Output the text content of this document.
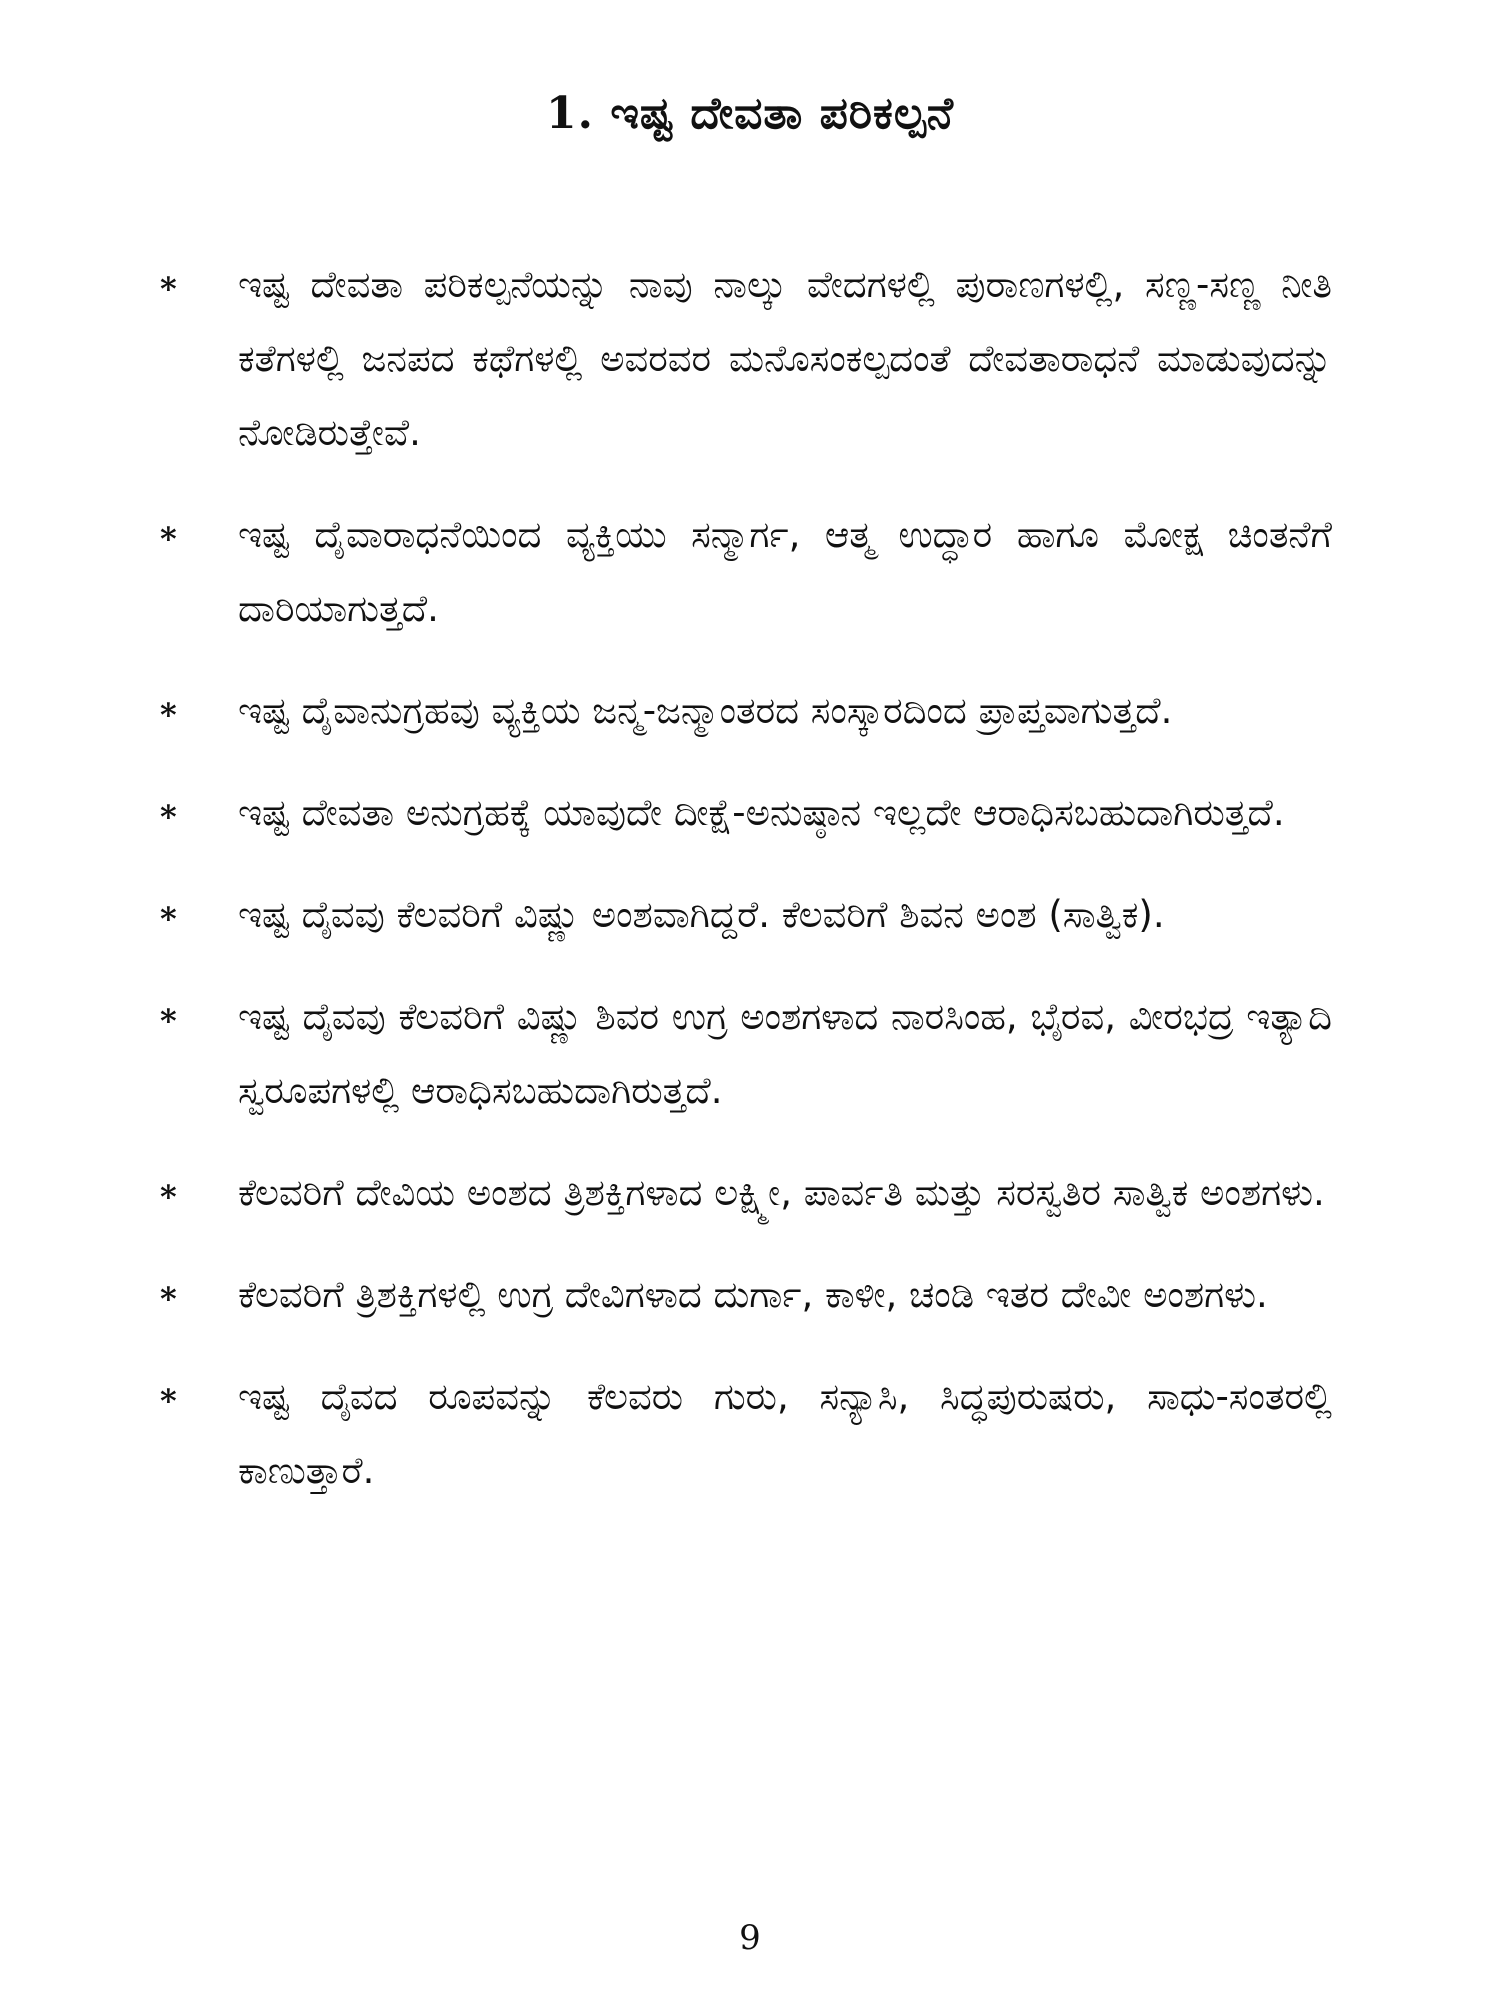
1. ಇಷ್ಟ ದೇವತಾ ಪರಿಕಲ್ಪನೆ
* ಇಷ್ಟ ದೇವತಾ ಪರಿಕಲ್ಪನೆಯನ್ನು ನಾವು ನಾಲ್ಕು ವೇದಗಳಲ್ಲಿ ಪುರಾಣಗಳಲ್ಲಿ, ಸಣ್ಣ-ಸಣ್ಣ ನೀತಿ ಕತೆಗಳಲ್ಲಿ ಜನಪದ ಕಥೆಗಳಲ್ಲಿ ಅವರವರ ಮನೊಸಂಕಲ್ಪದಂತೆ ದೇವತಾರಾಧನೆ ಮಾಡುವುದನ್ನು ನೋಡಿರುತ್ತೇವೆ.
* ಇಷ್ಟ ದೈವಾರಾಧನೆಯಿಂದ ವ್ಯಕ್ತಿಯು ಸನ್ಮಾರ್ಗ, ಆತ್ಮ ಉದ್ಧಾರ ಹಾಗೂ ಮೋಕ್ಷ ಚಿಂತನೆಗೆ ದಾರಿಯಾಗುತ್ತದೆ.
* ಇಷ್ಟ ದೈವಾನುಗ್ರಹವು ವ್ಯಕ್ತಿಯ ಜನ್ಮ-ಜನ್ಮಾಂತರದ ಸಂಸ್ಕಾರದಿಂದ ಪ್ರಾಪ್ತವಾಗುತ್ತದೆ.
* ಇಷ್ಟ ದೇವತಾ ಅನುಗ್ರಹಕ್ಕೆ ಯಾವುದೇ ದೀಕ್ಷೆ-ಅನುಷ್ಠಾನ ಇಲ್ಲದೇ ಆರಾಧಿಸಬಹುದಾಗಿರುತ್ತದೆ.
* ಇಷ್ಟ ದೈವವು ಕೆಲವರಿಗೆ ವಿಷ್ಣು ಅಂಶವಾಗಿದ್ದರೆ. ಕೆಲವರಿಗೆ ಶಿವನ ಅಂಶ (ಸಾತ್ವಿಕ).
* ಇಷ್ಟ ದೈವವು ಕೆಲವರಿಗೆ ವಿಷ್ಣು ಶಿವರ ಉಗ್ರ ಅಂಶಗಳಾದ ನಾರಸಿಂಹ, ಭೈರವ, ವೀರಭದ್ರ ಇತ್ಯಾದಿ ಸ್ವರೂಪಗಳಲ್ಲಿ ಆರಾಧಿಸಬಹುದಾಗಿರುತ್ತದೆ.
* ಕೆಲವರಿಗೆ ದೇವಿಯ ಅಂಶದ ತ್ರಿಶಕ್ತಿಗಳಾದ ಲಕ್ಷ್ಮೀ, ಪಾರ್ವತಿ ಮತ್ತು ಸರಸ್ವತಿರ ಸಾತ್ವಿಕ ಅಂಶಗಳು.
* ಕೆಲವರಿಗೆ ತ್ರಿಶಕ್ತಿಗಳಲ್ಲಿ ಉಗ್ರ ದೇವಿಗಳಾದ ದುರ್ಗಾ, ಕಾಳೀ, ಚಂಡಿ ಇತರ ದೇವೀ ಅಂಶಗಳು.
* ಇಷ್ಟ ದೈವದ ರೂಪವನ್ನು ಕೆಲವರು ಗುರು, ಸನ್ಯಾಸಿ, ಸಿದ್ಧಪುರುಷರು, ಸಾಧು-ಸಂತರಲ್ಲಿ ಕಾಣುತ್ತಾರೆ.
9
